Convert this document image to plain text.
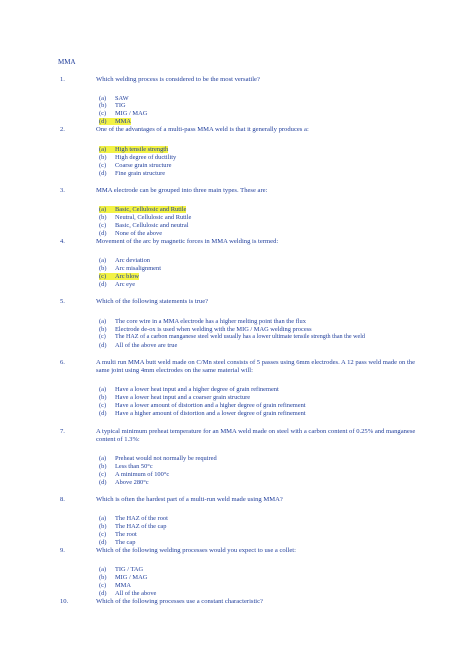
MMA
1.	Which welding process is considered to be the most versatile?
(a) SAW
(b) TIG
(c) MIG / MAG
(d) MMA
2.	One of the advantages of a multi-pass MMA weld is that it generally produces a:
(a) High tensile strength
(b) High degree of ductility
(c) Coarse grain structure
(d) Fine grain structure
3.	MMA electrode can be grouped into three main types. These are:
(a) Basic, Cellulosic and Rutile
(b) Neutral, Cellulosic and Rutile
(c) Basic, Cellulosic and neutral
(d) None of the above
4.	Movement of the arc by magnetic forces in MMA welding is termed:
(a) Arc deviation
(b) Arc misalignment
(c) Arc blow
(d) Arc eye
5.	Which of the following statements is true?
(a) The core wire in a MMA electrode has a higher melting point than the flux
(b) Electrode de-ox is used when welding with the MIG / MAG welding process
(c) The HAZ of a carbon manganese steel weld usually has a lower ultimate tensile strength than the weld
(d) All of the above are true
6.	A multi run MMA butt weld made on C/Mn steel consists of 5 passes using 6mm electrodes. A 12 pass weld made on the same joint using 4mm electrodes on the same material will:
(a) Have a lower heat input and a higher degree of grain refinement
(b) Have a lower heat input and a coarser grain structure
(c) Have a lower amount of distortion and a higher degree of grain refinement
(d) Have a higher amount of distortion and a lower degree of grain refinement
7.	A typical minimum preheat temperature for an MMA weld made on steel with a carbon content of 0.25% and manganese content of 1.3%:
(a) Preheat would not normally be required
(b) Less than 50°c
(c) A minimum of 100°c
(d) Above 280°c
8.	Which is often the hardest part of a multi-run weld made using MMA?
(a) The HAZ of the root
(b) The HAZ of the cap
(c) The root
(d) The cap
9.	Which of the following welding processes would you expect to use a collet:
(a) TIG / TAG
(b) MIG / MAG
(c) MMA
(d) All of the above
10.	Which of the following processes use a constant characteristic?
